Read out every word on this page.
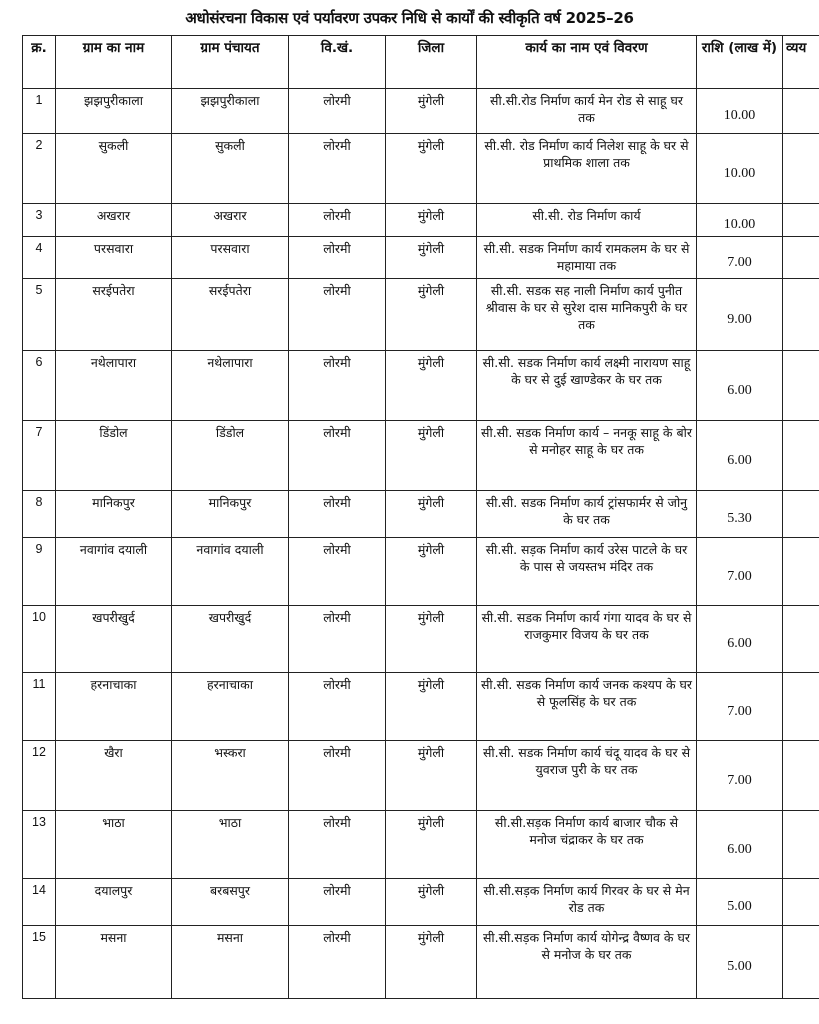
अधोसंरचना विकास एवं पर्यावरण उपकर निधि से कार्यों की स्वीकृति वर्ष 2025–26
क्र.	ग्राम का नाम	ग्राम पंचायत	वि.खं.	जिला	कार्य का नाम एवं विवरण	राशि (लाख में)	व्यय
1	झझपुरीकाला	झझपुरीकाला	लोरमी	मुंगेली	सी.सी.रोड निर्माण कार्य मेन रोड से साहू घर तक	10.00	
2	सुकली	सुकली	लोरमी	मुंगेली	सी.सी. रोड निर्माण कार्य निलेश साहू के घर से प्राथमिक शाला तक	10.00	
3	अखरार	अखरार	लोरमी	मुंगेली	सी.सी. रोड निर्माण कार्य	10.00	
4	परसवारा	परसवारा	लोरमी	मुंगेली	सी.सी. सडक निर्माण कार्य रामकलम के घर से महामाया तक	7.00	
5	सरईपतेरा	सरईपतेरा	लोरमी	मुंगेली	सी.सी. सडक सह नाली निर्माण कार्य पुनीत श्रीवास के घर से सुरेश दास मानिकपुरी के घर तक	9.00	
6	नथेलापारा	नथेलापारा	लोरमी	मुंगेली	सी.सी. सडक निर्माण कार्य लक्ष्मी नारायण साहू के घर से दुई खाण्डेकर के घर तक	6.00	
7	डिंडोल	डिंडोल	लोरमी	मुंगेली	सी.सी. सडक निर्माण कार्य – ननकू साहू के बोर से मनोहर साहू के घर तक	6.00	
8	मानिकपुर	मानिकपुर	लोरमी	मुंगेली	सी.सी. सडक निर्माण कार्य ट्रांसफार्मर से जोनु के घर तक	5.30	
9	नवागांव दयाली	नवागांव दयाली	लोरमी	मुंगेली	सी.सी. सड़क निर्माण कार्य उरेस पाटले के घर के पास से जयस्तभ मंदिर तक	7.00	
10	खपरीखुर्द	खपरीखुर्द	लोरमी	मुंगेली	सी.सी. सडक निर्माण कार्य गंगा यादव के घर से राजकुमार विजय के घर तक	6.00	
11	हरनाचाका	हरनाचाका	लोरमी	मुंगेली	सी.सी. सडक निर्माण कार्य जनक कश्यप के घर से फूलसिंह के घर तक	7.00	
12	खैरा	भस्करा	लोरमी	मुंगेली	सी.सी. सडक निर्माण कार्य चंदू यादव के घर से युवराज पुरी के घर तक	7.00	
13	भाठा	भाठा	लोरमी	मुंगेली	सी.सी.सड़क निर्माण कार्य बाजार चौक से मनोज चंद्राकर के घर तक	6.00	
14	दयालपुर	बरबसपुर	लोरमी	मुंगेली	सी.सी.सड़क निर्माण कार्य गिरवर के घर से मेन रोड तक	5.00	
15	मसना	मसना	लोरमी	मुंगेली	सी.सी.सड़क निर्माण कार्य योगेन्द्र वैष्णव के घर से मनोज के घर तक	5.00	
